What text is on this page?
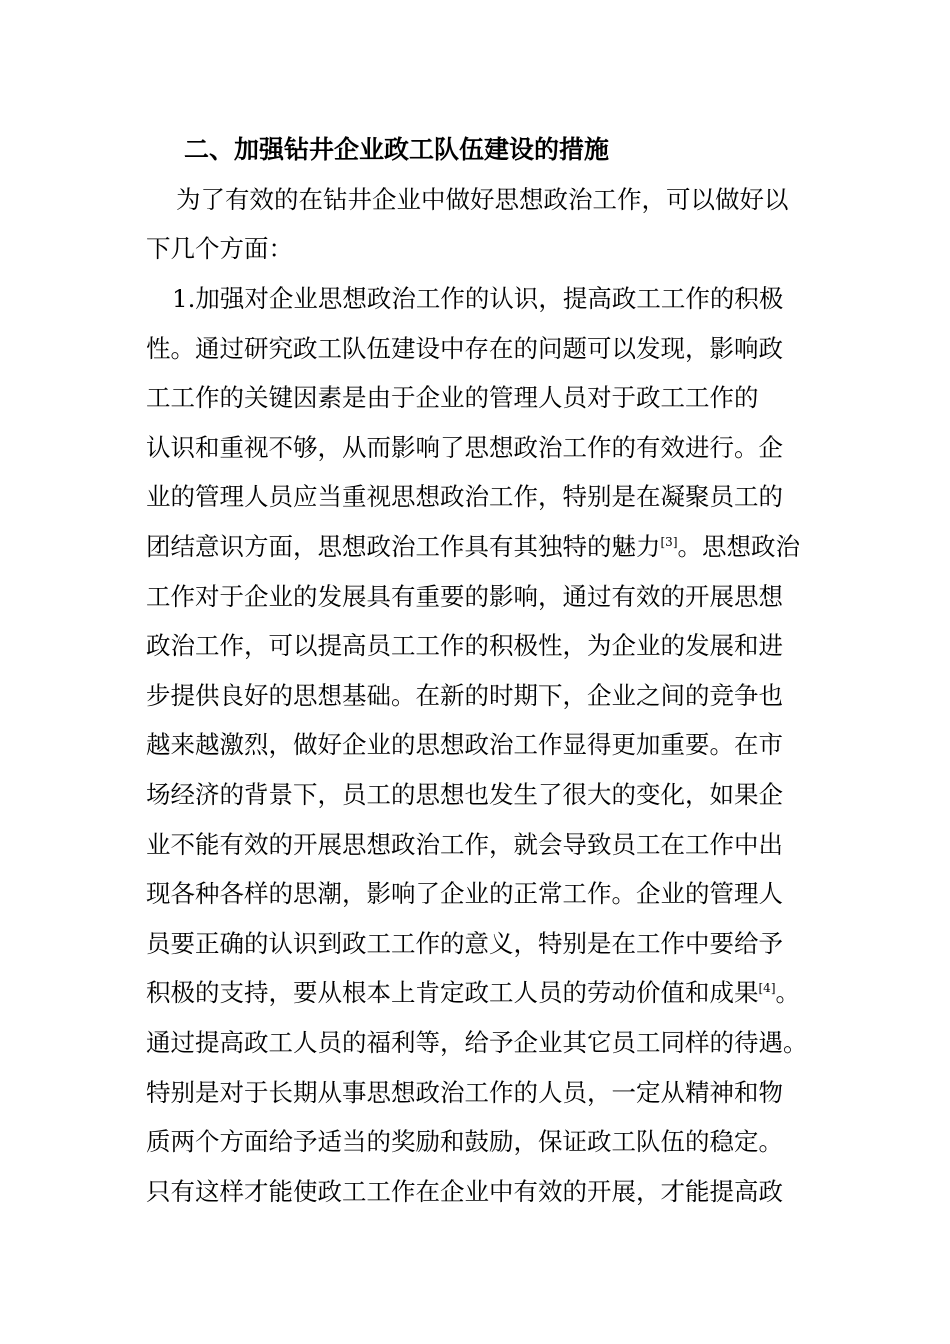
二、加强钻井企业政工队伍建设的措施
为了有效的在钻井企业中做好思想政治工作，可以做好以
下几个方面：
1.加强对企业思想政治工作的认识，提高政工工作的积极
性。通过研究政工队伍建设中存在的问题可以发现，影响政
工工作的关键因素是由于企业的管理人员对于政工工作的
认识和重视不够，从而影响了思想政治工作的有效进行。企
业的管理人员应当重视思想政治工作，特别是在凝聚员工的
团结意识方面，思想政治工作具有其独特的魅力[3]。思想政治
工作对于企业的发展具有重要的影响，通过有效的开展思想
政治工作，可以提高员工工作的积极性，为企业的发展和进
步提供良好的思想基础。在新的时期下，企业之间的竞争也
越来越激烈，做好企业的思想政治工作显得更加重要。在市
场经济的背景下，员工的思想也发生了很大的变化，如果企
业不能有效的开展思想政治工作，就会导致员工在工作中出
现各种各样的思潮，影响了企业的正常工作。企业的管理人
员要正确的认识到政工工作的意义，特别是在工作中要给予
积极的支持，要从根本上肯定政工人员的劳动价值和成果[4]。
通过提高政工人员的福利等，给予企业其它员工同样的待遇。
特别是对于长期从事思想政治工作的人员，一定从精神和物
质两个方面给予适当的奖励和鼓励，保证政工队伍的稳定。
只有这样才能使政工工作在企业中有效的开展，才能提高政
